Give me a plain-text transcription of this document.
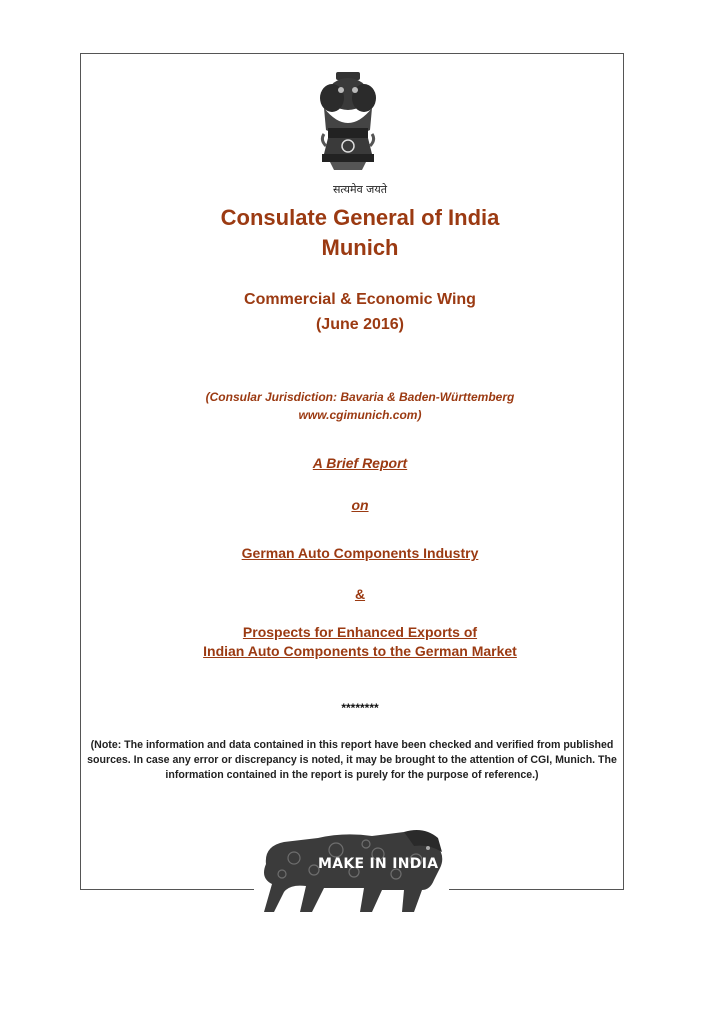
सत्यमेव जयते
Consulate General of India
Munich
Commercial & Economic Wing
(June 2016)
(Consular Jurisdiction: Bavaria & Baden-Württemberg
www.cgimunich.com)
A Brief Report
on
German Auto Components Industry
&
Prospects for Enhanced Exports of
Indian Auto Components to the German Market
********
(Note: The information and data contained in this report have been checked and verified from published sources. In case any error or discrepancy is noted, it may be brought to the attention of CGI, Munich. The information contained in the report is purely for the purpose of reference.)
MAKE IN INDIA
